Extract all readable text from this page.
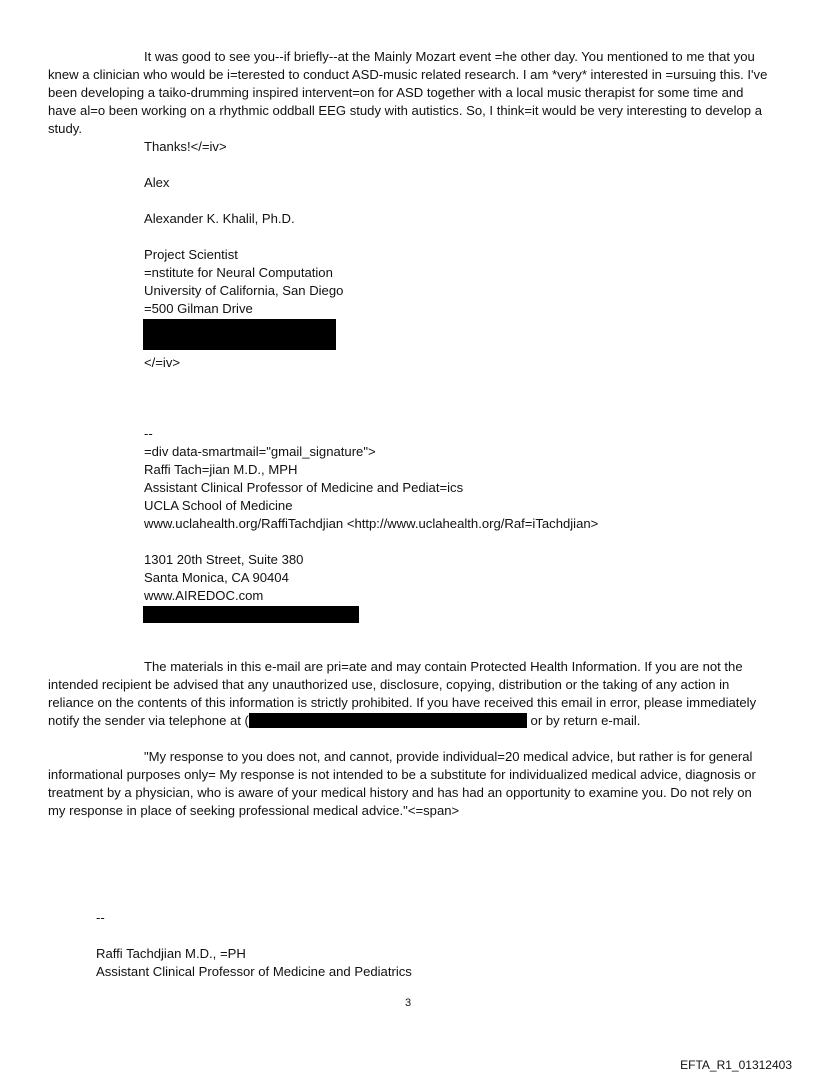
It was good to see you--if briefly--at the Mainly Mozart event =he other day. You mentioned to me that you knew a clinician who would be i=terested to conduct ASD-music related research. I am *very* interested in =ursuing this. I've been developing a taiko-drumming inspired intervent=on for ASD together with a local music therapist for some time and have al=o been working on a rhythmic oddball EEG study with autistics. So, I think=it would be very interesting to develop a study.

Thanks!</=iv>

Alex

Alexander K. Khalil, Ph.D.

Project Scientist

=nstitute for Neural Computation

University of California, San Diego

=500 Gilman Drive

</=iv>

--

=div data-smartmail="gmail_signature">

Raffi Tach=jian M.D., MPH

Assistant Clinical Professor of Medicine and Pediat=ics

UCLA School of Medicine

www.uclahealth.org/RaffiTachdjian <http://www.uclahealth.org/Raf=iTachdjian>

1301 20th Street, Suite 380

Santa Monica, CA 90404

www.AIREDOC.com

The materials in this e-mail are pri=ate and may contain Protected Health Information. If you are not the intended recipient be advised that any unauthorized use, disclosure, copying, distribution or the taking of any action in reliance on the contents of this information is strictly prohibited. If you have received this email in error, please immediately notify the sender via telephone at (	or by return e-mail.

"My response to you does not, and cannot, provide individual=20 medical advice, but rather is for general informational purposes only= My response is not intended to be a substitute for individualized medical advice, diagnosis or treatment by a physician, who is aware of your medical history and has had an opportunity to examine you. Do not rely on my response in place of seeking professional medical advice."<=span>

--

Raffi Tachdjian M.D., =PH

Assistant Clinical Professor of Medicine and Pediatrics

3
EFTA_R1_01312403
